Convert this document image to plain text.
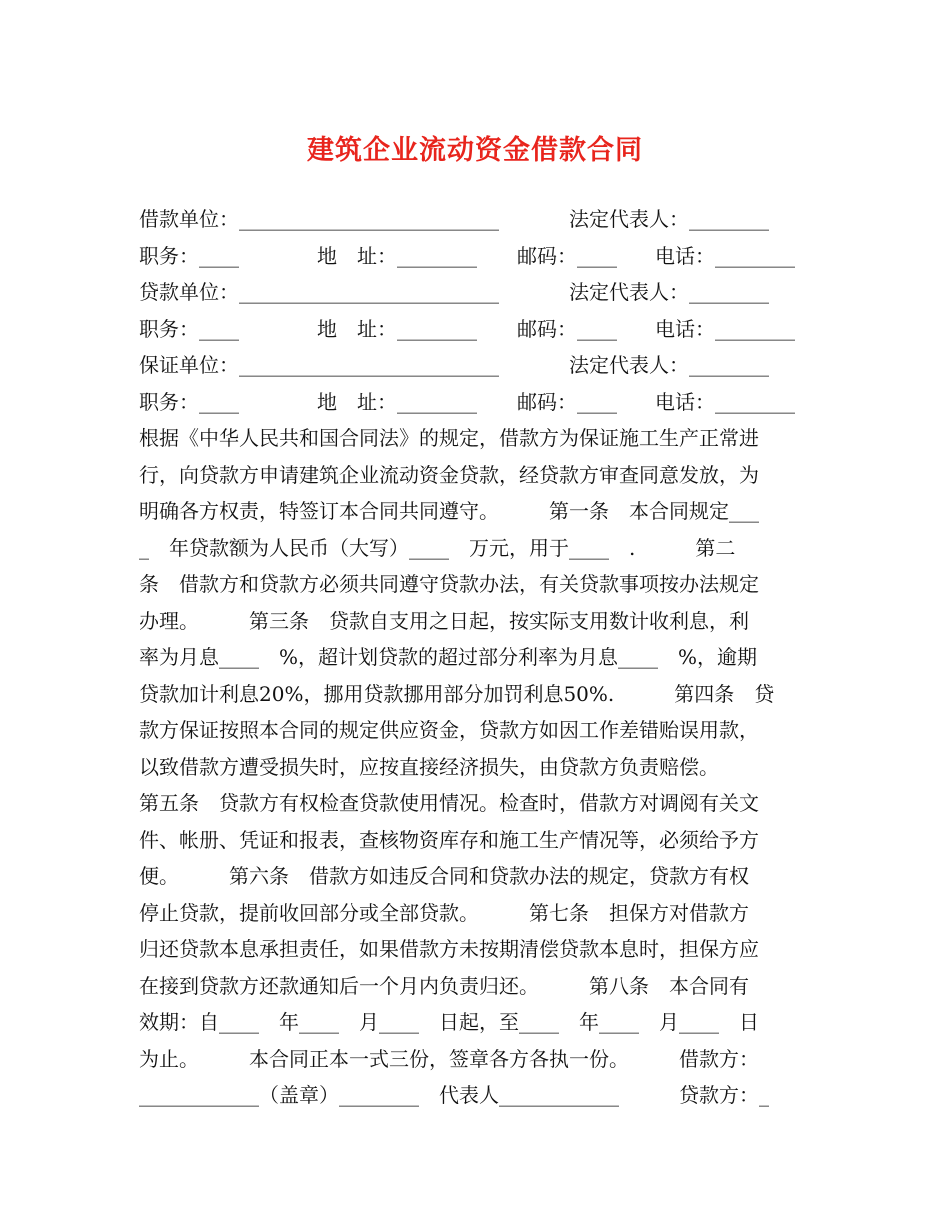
建筑企业流动资金借款合同
借款单位：__________________________	法定代表人：________
职务：____	地　址：________	邮码：____	电话：________
贷款单位：__________________________	法定代表人：________
职务：____	地　址：________	邮码：____	电话：________
保证单位：__________________________	法定代表人：________
职务：____	地　址：________	邮码：____	电话：________
根据《中华人民共和国合同法》的规定，借款方为保证施工生产正常进
行，向贷款方申请建筑企业流动资金贷款，经贷款方审查同意发放，为
明确各方权责，特签订本合同共同遵守。　　　第一条　本合同规定___
_　年贷款额为人民币（大写）____　万元，用于____　.　　　第二
条　借款方和贷款方必须共同遵守贷款办法，有关贷款事项按办法规定
办理。　　　第三条　贷款自支用之日起，按实际支用数计收利息，利
率为月息____　%，超计划贷款的超过部分利率为月息____　%，逾期
贷款加计利息20%，挪用贷款挪用部分加罚利息50%.　　　第四条　贷
款方保证按照本合同的规定供应资金，贷款方如因工作差错贻误用款，
以致借款方遭受损失时，应按直接经济损失，由贷款方负责赔偿。
第五条　贷款方有权检查贷款使用情况。检查时，借款方对调阅有关文
件、帐册、凭证和报表，查核物资库存和施工生产情况等，必须给予方
便。　　　第六条　借款方如违反合同和贷款办法的规定，贷款方有权
停止贷款，提前收回部分或全部贷款。　　　第七条　担保方对借款方
归还贷款本息承担责任，如果借款方未按期清偿贷款本息时，担保方应
在接到贷款方还款通知后一个月内负责归还。　　　第八条　本合同有
效期：自____　年____　月____　日起，至____　年____　月____　日
为止。　　　本合同正本一式三份，签章各方各执一份。　　　借款方：
____________（盖章）________　代表人____________　　　贷款方：_
